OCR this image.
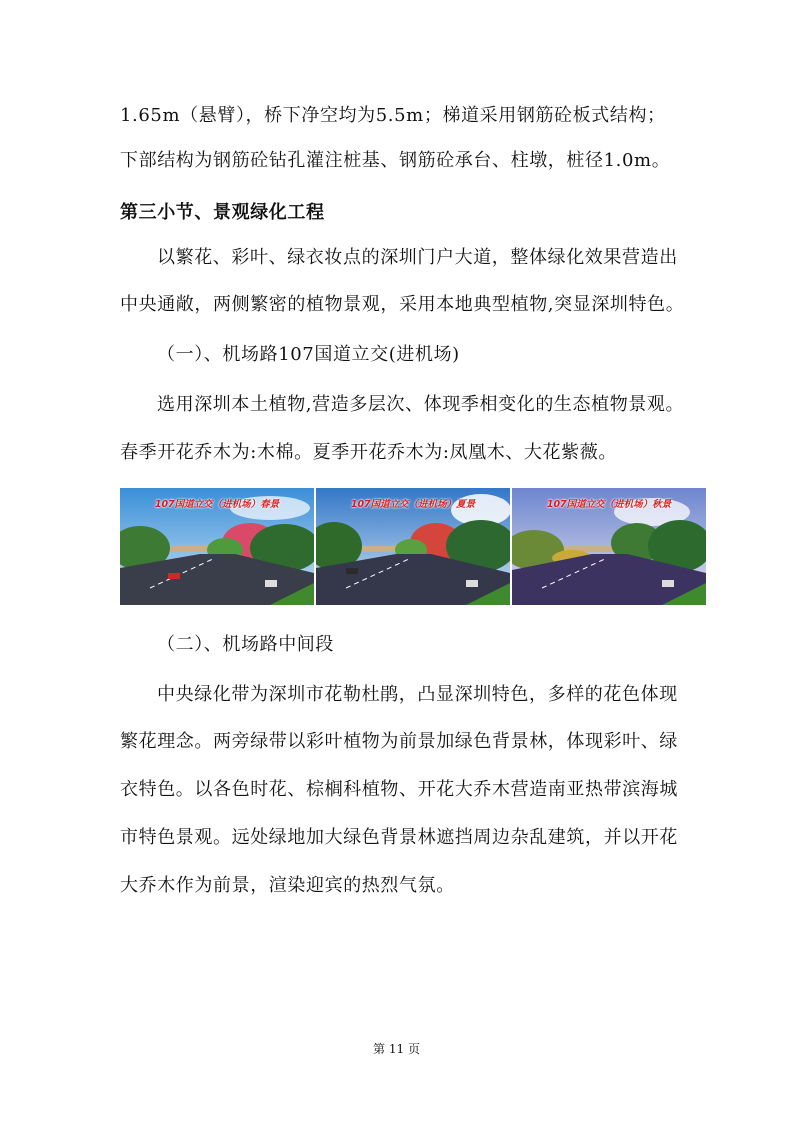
1.65m（悬臂），桥下净空均为5.5m；梯道采用钢筋砼板式结构；
下部结构为钢筋砼钻孔灌注桩基、钢筋砼承台、柱墩，桩径1.0m。
第三小节、景观绿化工程
以繁花、彩叶、绿衣妆点的深圳门户大道，整体绿化效果营造出
中央通敞，两侧繁密的植物景观，采用本地典型植物,突显深圳特色。
（一）、机场路107国道立交(进机场)
选用深圳本土植物,营造多层次、体现季相变化的生态植物景观。
春季开花乔木为:木棉。夏季开花乔木为:凤凰木、大花紫薇。
107国道立交（进机场）春景	107国道立交（进机场）夏景	107国道立交（进机场）秋景
（二）、机场路中间段
中央绿化带为深圳市花勒杜鹃，凸显深圳特色，多样的花色体现
繁花理念。两旁绿带以彩叶植物为前景加绿色背景林，体现彩叶、绿
衣特色。以各色时花、棕榈科植物、开花大乔木营造南亚热带滨海城
市特色景观。远处绿地加大绿色背景林遮挡周边杂乱建筑，并以开花
大乔木作为前景，渲染迎宾的热烈气氛。
第 11 页
